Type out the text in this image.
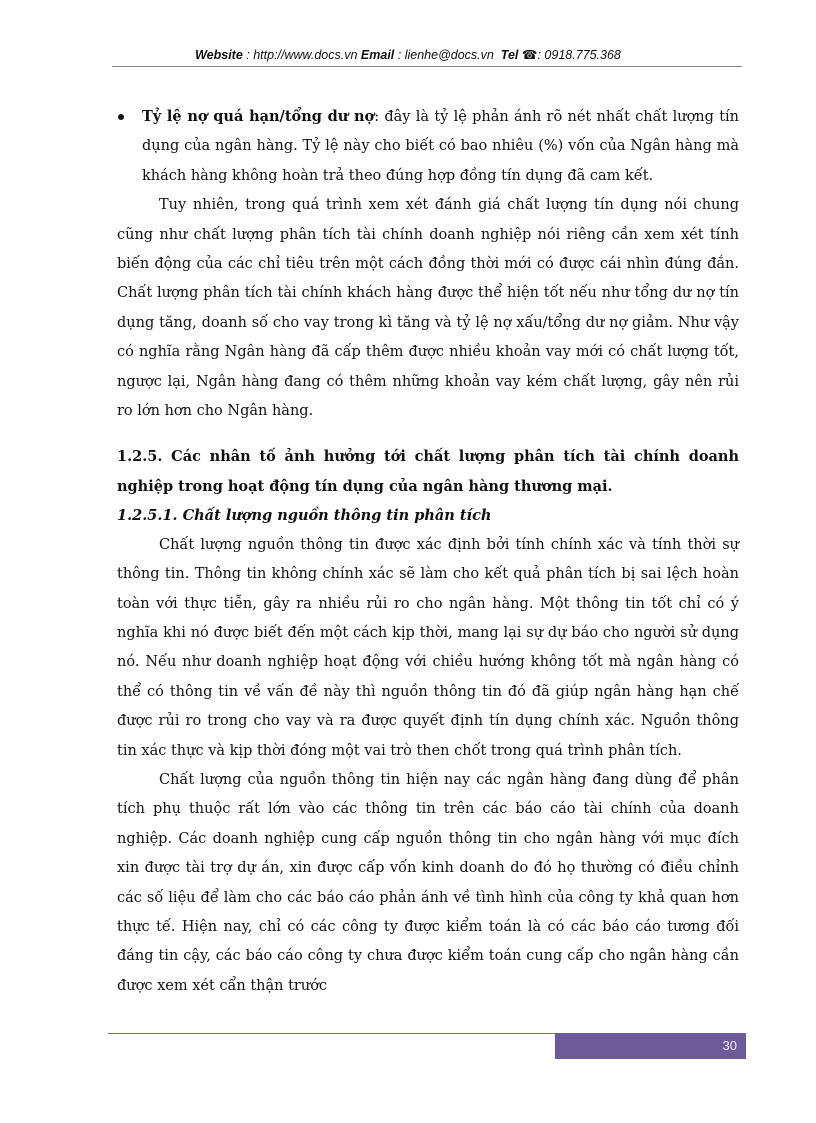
Website : http://www.docs.vn Email : lienhe@docs.vn Tel ☎: 0918.775.368

Tỷ lệ nợ quá hạn/tổng dư nợ: đây là tỷ lệ phản ánh rõ nét nhất chất lượng tín dụng của ngân hàng. Tỷ lệ này cho biết có bao nhiêu (%) vốn của Ngân hàng mà khách hàng không hoàn trả theo đúng hợp đồng tín dụng đã cam kết.

Tuy nhiên, trong quá trình xem xét đánh giá chất lượng tín dụng nói chung cũng như chất lượng phân tích tài chính doanh nghiệp nói riêng cần xem xét tính biến động của các chỉ tiêu trên một cách đồng thời mới có được cái nhìn đúng đắn. Chất lượng phân tích tài chính khách hàng được thể hiện tốt nếu như tổng dư nợ tín dụng tăng, doanh số cho vay trong kì tăng và tỷ lệ nợ xấu/tổng dư nợ giảm. Như vậy có nghĩa rằng Ngân hàng đã cấp thêm được nhiều khoản vay mới có chất lượng tốt, ngược lại, Ngân hàng đang có thêm những khoản vay kém chất lượng, gây nên rủi ro lớn hơn cho Ngân hàng.

1.2.5. Các nhân tố ảnh hưởng tới chất lượng phân tích tài chính doanh nghiệp trong hoạt động tín dụng của ngân hàng thương mại.

1.2.5.1. Chất lượng nguồn thông tin phân tích

Chất lượng nguồn thông tin được xác định bởi tính chính xác và tính thời sự thông tin. Thông tin không chính xác sẽ làm cho kết quả phân tích bị sai lệch hoàn toàn với thực tiễn, gây ra nhiều rủi ro cho ngân hàng. Một thông tin tốt chỉ có ý nghĩa khi nó được biết đến một cách kịp thời, mang lại sự dự báo cho người sử dụng nó. Nếu như doanh nghiệp hoạt động với chiều hướng không tốt mà ngân hàng có thể có thông tin về vấn đề này thì nguồn thông tin đó đã giúp ngân hàng hạn chế được rủi ro trong cho vay và ra được quyết định tín dụng chính xác. Nguồn thông tin xác thực và kịp thời đóng một vai trò then chốt trong quá trình phân tích.

Chất lượng của nguồn thông tin hiện nay các ngân hàng đang dùng để phân tích phụ thuộc rất lớn vào các thông tin trên các báo cáo tài chính của doanh nghiệp. Các doanh nghiệp cung cấp nguồn thông tin cho ngân hàng với mục đích xin được tài trợ dự án, xin được cấp vốn kinh doanh do đó họ thường có điều chỉnh các số liệu để làm cho các báo cáo phản ánh về tình hình của công ty khả quan hơn thực tế. Hiện nay, chỉ có các công ty được kiểm toán là có các báo cáo tương đối đáng tin cậy, các báo cáo công ty chưa được kiểm toán cung cấp cho ngân hàng cần được xem xét cẩn thận trước

30
